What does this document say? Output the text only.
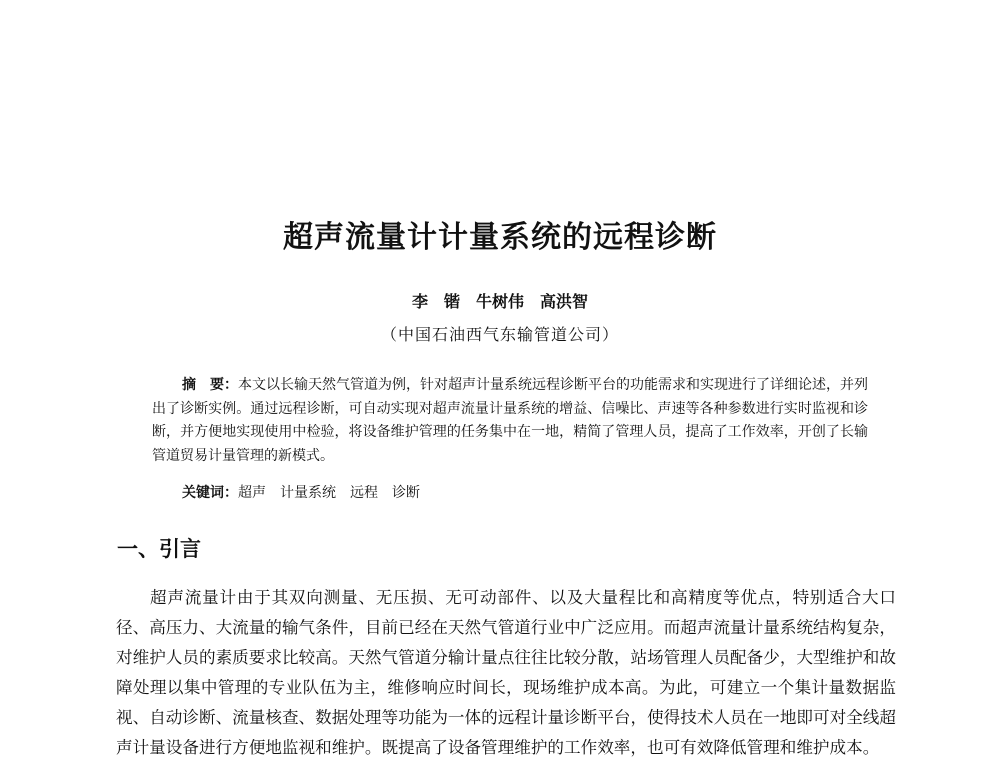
超声流量计计量系统的远程诊断
李　锴　牛树伟　高洪智
（中国石油西气东输管道公司）

摘　要：本文以长输天然气管道为例，针对超声计量系统远程诊断平台的功能需求和实现进行了详细论述，并列出了诊断实例。通过远程诊断，可自动实现对超声流量计量系统的增益、信噪比、声速等各种参数进行实时监视和诊断，并方便地实现使用中检验，将设备维护管理的任务集中在一地，精简了管理人员，提高了工作效率，开创了长输管道贸易计量管理的新模式。

关键词：超声　计量系统　远程　诊断

一、引言

超声流量计由于其双向测量、无压损、无可动部件、以及大量程比和高精度等优点，特别适合大口径、高压力、大流量的输气条件，目前已经在天然气管道行业中广泛应用。而超声流量计量系统结构复杂，对维护人员的素质要求比较高。天然气管道分输计量点往往比较分散，站场管理人员配备少，大型维护和故障处理以集中管理的专业队伍为主，维修响应时间长，现场维护成本高。为此，可建立一个集计量数据监视、自动诊断、流量核查、数据处理等功能为一体的远程计量诊断平台，使得技术人员在一地即可对全线超声计量设备进行方便地监视和维护。既提高了设备管理维护的工作效率，也可有效降低管理和维护成本。
